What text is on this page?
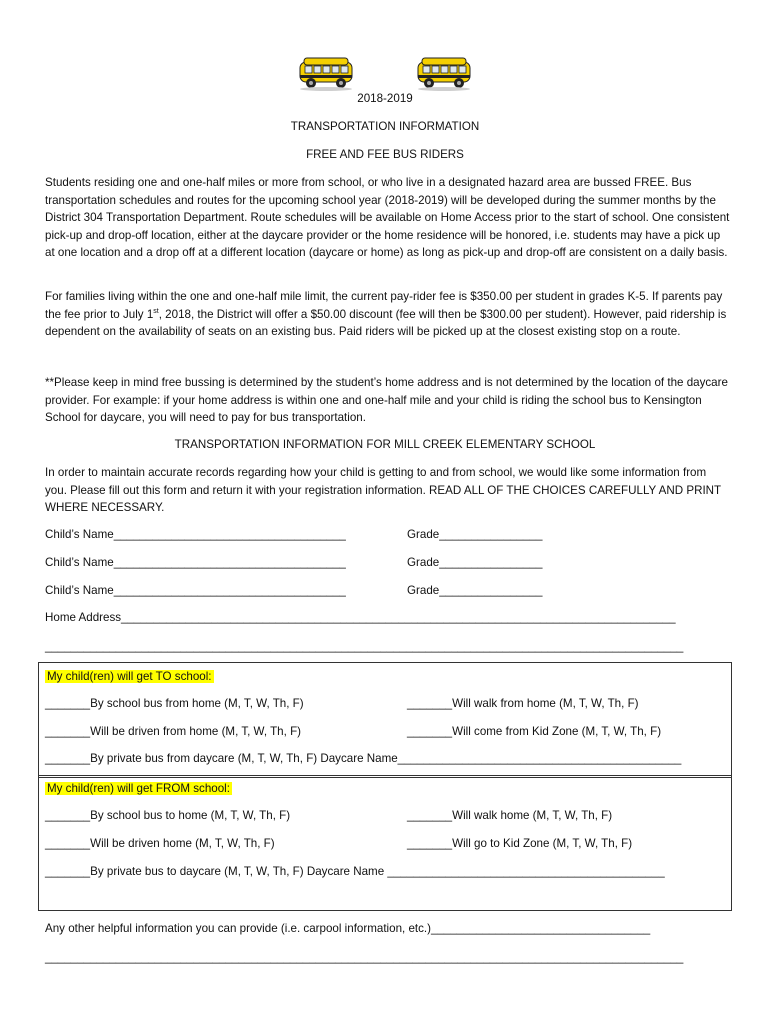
2018-2019
TRANSPORTATION INFORMATION
FREE AND FEE BUS RIDERS

Students residing one and one-half miles or more from school, or who live in a designated hazard area are bussed FREE. Bus transportation schedules and routes for the upcoming school year (2018-2019) will be developed during the summer months by the District 304 Transportation Department. Route schedules will be available on Home Access prior to the start of school. One consistent pick-up and drop-off location, either at the daycare provider or the home residence will be honored, i.e. students may have a pick up at one location and a drop off at a different location (daycare or home) as long as pick-up and drop-off are consistent on a daily basis.

For families living within the one and one-half mile limit, the current pay-rider fee is $350.00 per student in grades K-5. If parents pay the fee prior to July 1st, 2018, the District will offer a $50.00 discount (fee will then be $300.00 per student). However, paid ridership is dependent on the availability of seats on an existing bus. Paid riders will be picked up at the closest existing stop on a route.

**Please keep in mind free bussing is determined by the student’s home address and is not determined by the location of the daycare provider. For example: if your home address is within one and one-half mile and your child is riding the school bus to Kensington School for daycare, you will need to pay for bus transportation.

TRANSPORTATION INFORMATION FOR MILL CREEK ELEMENTARY SCHOOL

In order to maintain accurate records regarding how your child is getting to and from school, we would like some information from you. Please fill out this form and return it with your registration information. READ ALL OF THE CHOICES CAREFULLY AND PRINT WHERE NECESSARY.

Child’s Name____________________________________	Grade________________
Child’s Name____________________________________	Grade________________
Child’s Name____________________________________	Grade________________
Home Address______________________________________________________________________________________
___________________________________________________________________________________________________
My child(ren) will get TO school:
_______By school bus from home (M, T, W, Th, F)	_______Will walk from home (M, T, W, Th, F)
_______Will be driven from home (M, T, W, Th, F)	_______Will come from Kid Zone (M, T, W, Th, F)
_______By private bus from daycare (M, T, W, Th, F) Daycare Name____________________________________________
My child(ren) will get FROM school:
_______By school bus to home (M, T, W, Th, F)	_______Will walk home (M, T, W, Th, F)
_______Will be driven home (M, T, W, Th, F)	_______Will go to Kid Zone (M, T, W, Th, F)
_______By private bus to daycare (M, T, W, Th, F) Daycare Name ___________________________________________
Any other helpful information you can provide (i.e. carpool information, etc.)__________________________________
___________________________________________________________________________________________________
